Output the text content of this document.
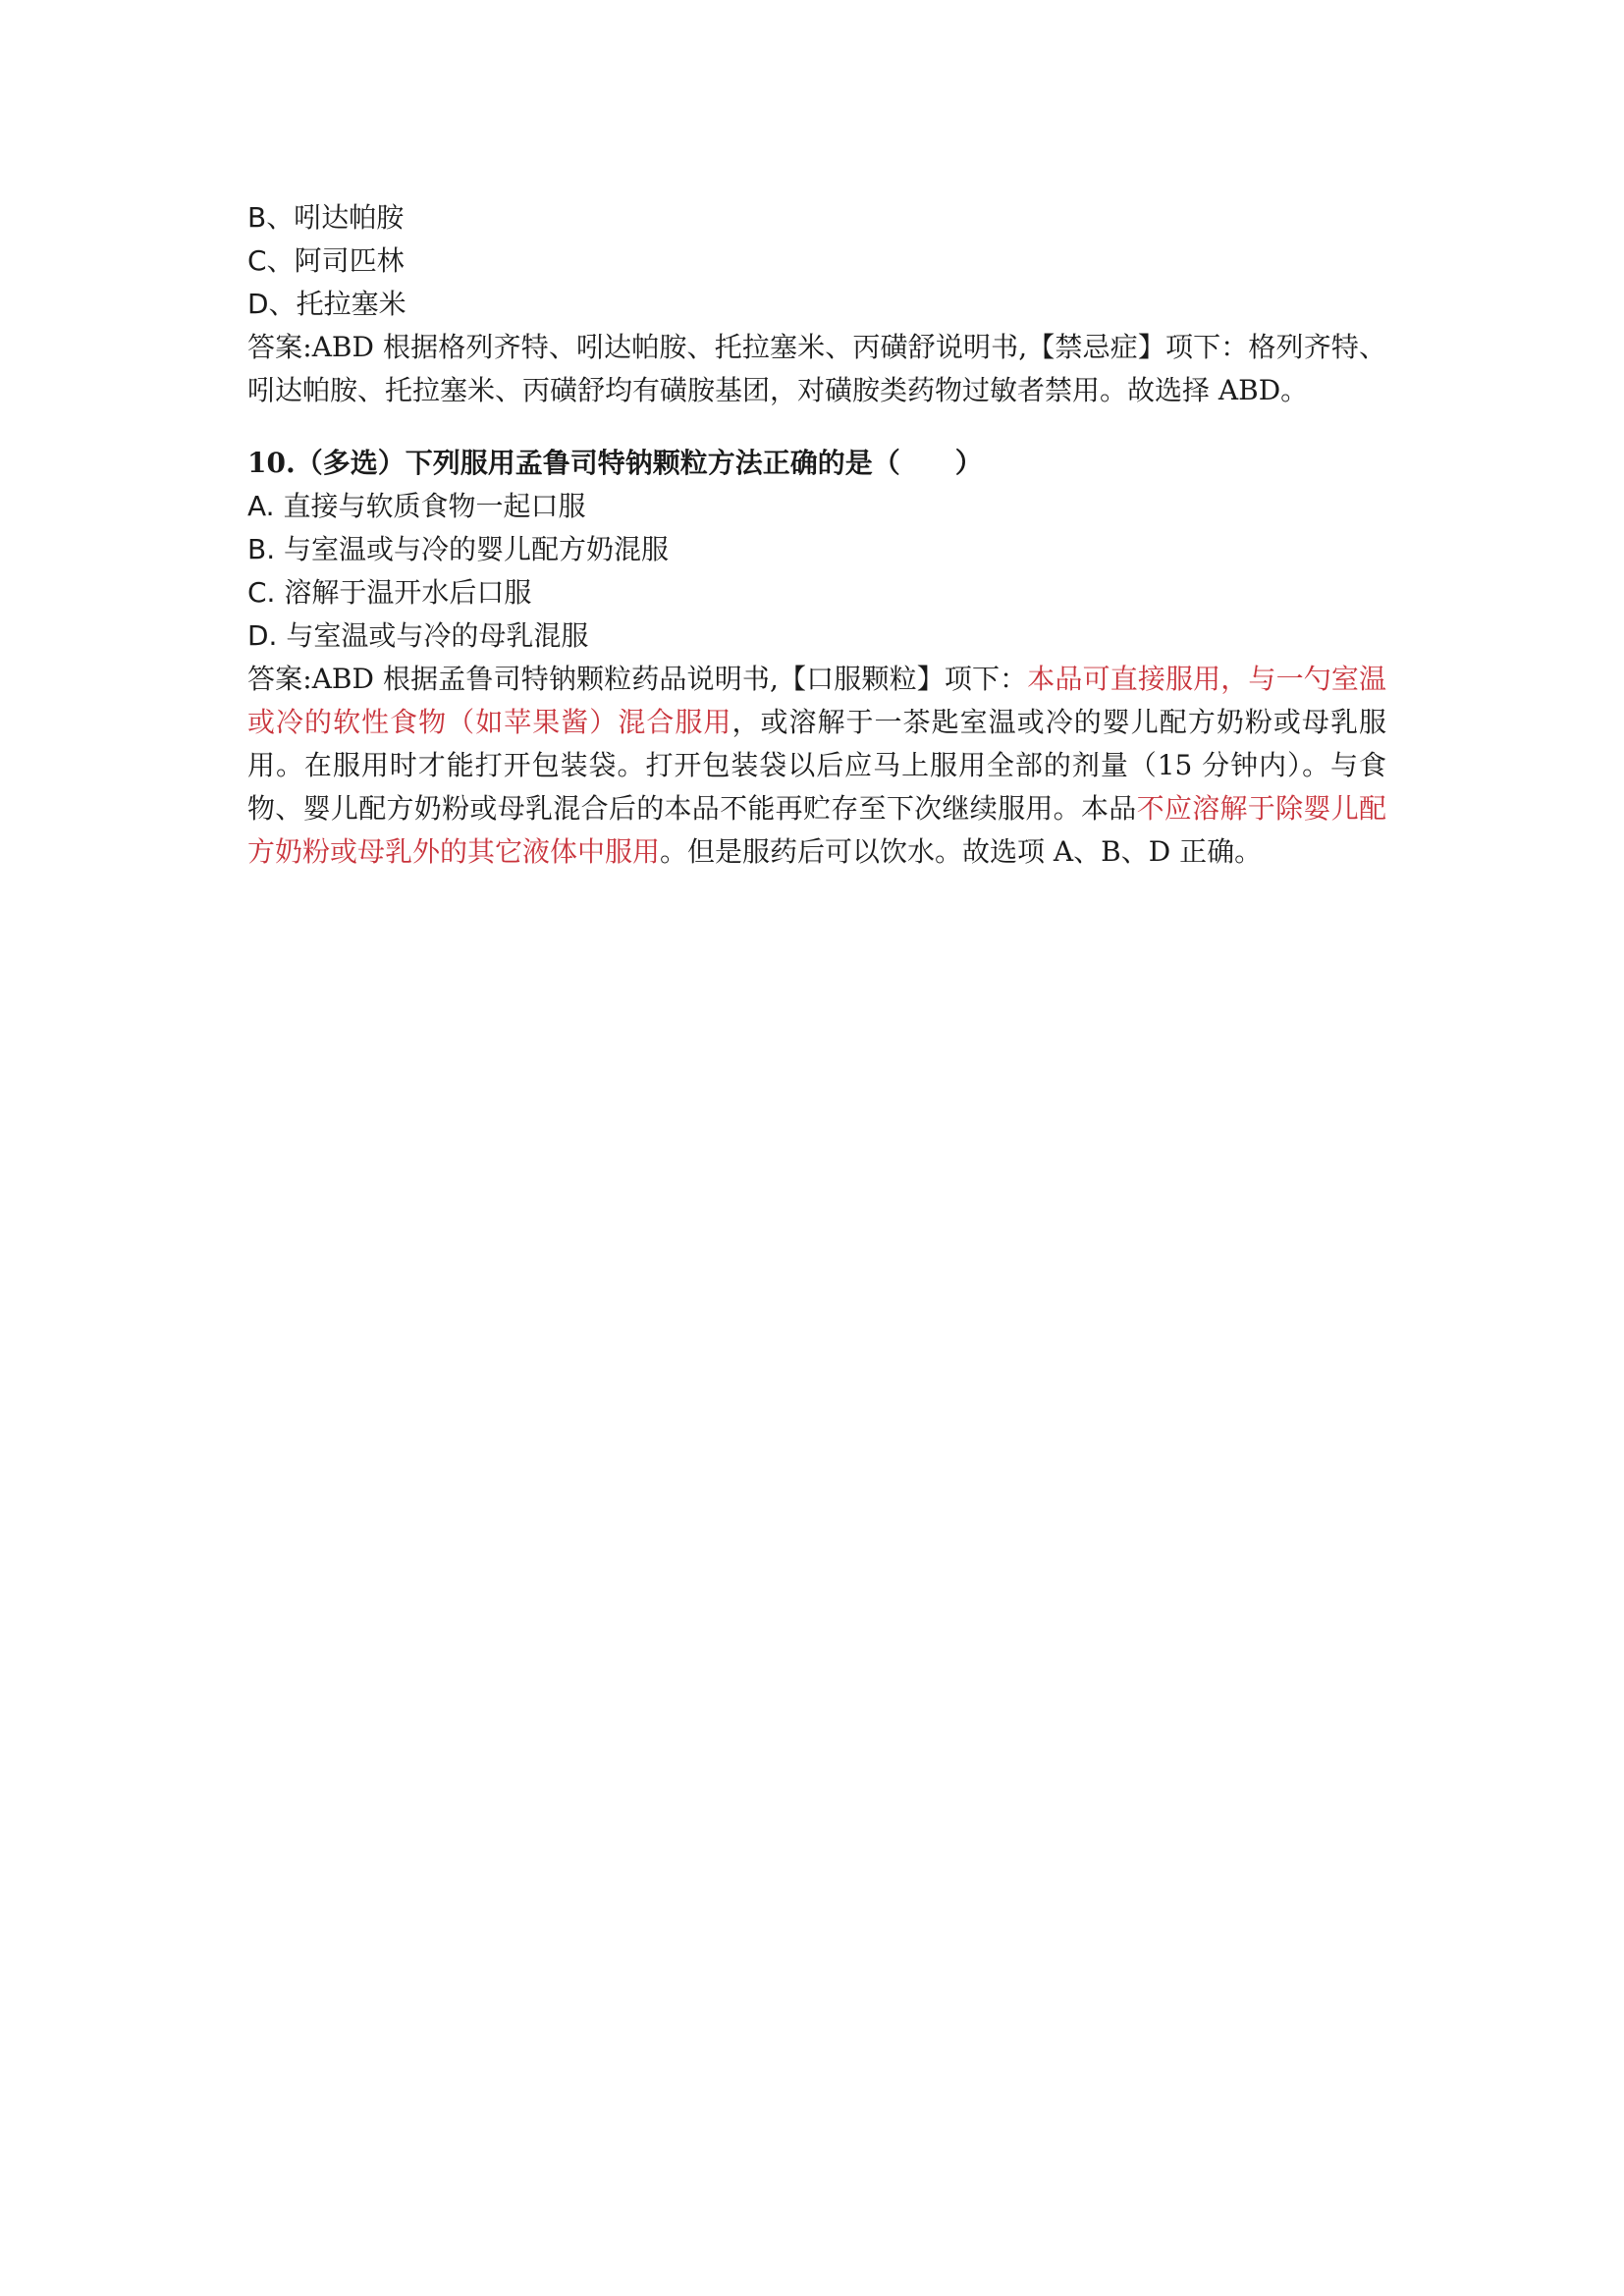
B、吲达帕胺
C、阿司匹林
D、托拉塞米
答案:ABD 根据格列齐特、吲达帕胺、托拉塞米、丙磺舒说明书,【禁忌症】项下：格列齐特、吲达帕胺、托拉塞米、丙磺舒均有磺胺基团，对磺胺类药物过敏者禁用。故选择 ABD。
10.（多选）下列服用孟鲁司特钠颗粒方法正确的是（　　）
A. 直接与软质食物一起口服
B. 与室温或与冷的婴儿配方奶混服
C. 溶解于温开水后口服
D. 与室温或与冷的母乳混服
答案:ABD 根据孟鲁司特钠颗粒药品说明书,【口服颗粒】项下：本品可直接服用，与一勺室温或冷的软性食物（如苹果酱）混合服用，或溶解于一茶匙室温或冷的婴儿配方奶粉或母乳服用。在服用时才能打开包装袋。打开包装袋以后应马上服用全部的剂量（15 分钟内）。与食物、婴儿配方奶粉或母乳混合后的本品不能再贮存至下次继续服用。本品不应溶解于除婴儿配方奶粉或母乳外的其它液体中服用。但是服药后可以饮水。故选项 A、B、D 正确。
